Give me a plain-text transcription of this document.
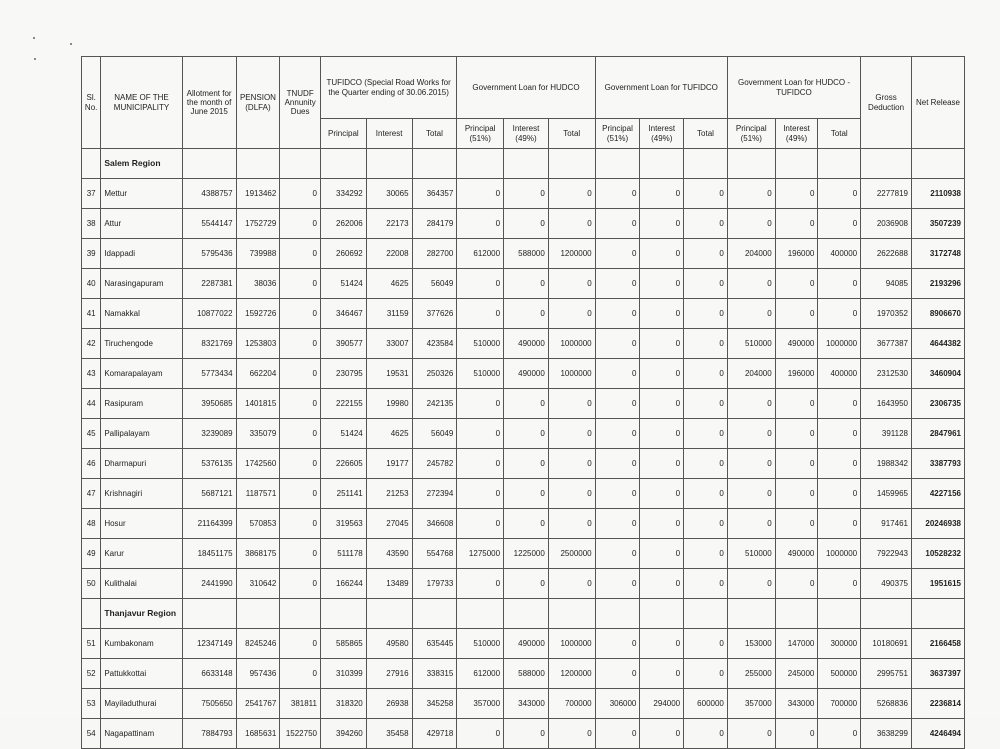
Sl. No.	NAME OF THE MUNICIPALITY	Allotment for the month of June 2015	PENSION (DLFA)	TNUDF Annunity Dues	TUFIDCO (Special Road Works for the Quarter ending of 30.06.2015)			Government Loan for HUDCO			Government Loan for TUFIDCO			Government Loan for HUDCO - TUFIDCO			Gross Deduction	Net Release
					Principal	Interest	Total	Principal (51%)	Interest (49%)	Total	Principal (51%)	Interest (49%)	Total	Principal (51%)	Interest (49%)	Total		
	Salem Region																	
37	Mettur	4388757	1913462	0	334292	30065	364357	0	0	0	0	0	0	0	0	0	2277819	2110938
38	Attur	5544147	1752729	0	262006	22173	284179	0	0	0	0	0	0	0	0	0	2036908	3507239
39	Idappadi	5795436	739988	0	260692	22008	282700	612000	588000	1200000	0	0	0	204000	196000	400000	2622688	3172748
40	Narasingapuram	2287381	38036	0	51424	4625	56049	0	0	0	0	0	0	0	0	0	94085	2193296
41	Namakkal	10877022	1592726	0	346467	31159	377626	0	0	0	0	0	0	0	0	0	1970352	8906670
42	Tiruchengode	8321769	1253803	0	390577	33007	423584	510000	490000	1000000	0	0	0	510000	490000	1000000	3677387	4644382
43	Komarapalayam	5773434	662204	0	230795	19531	250326	510000	490000	1000000	0	0	0	204000	196000	400000	2312530	3460904
44	Rasipuram	3950685	1401815	0	222155	19980	242135	0	0	0	0	0	0	0	0	0	1643950	2306735
45	Pallipalayam	3239089	335079	0	51424	4625	56049	0	0	0	0	0	0	0	0	0	391128	2847961
46	Dharmapuri	5376135	1742560	0	226605	19177	245782	0	0	0	0	0	0	0	0	0	1988342	3387793
47	Krishnagiri	5687121	1187571	0	251141	21253	272394	0	0	0	0	0	0	0	0	0	1459965	4227156
48	Hosur	21164399	570853	0	319563	27045	346608	0	0	0	0	0	0	0	0	0	917461	20246938
49	Karur	18451175	3868175	0	511178	43590	554768	1275000	1225000	2500000	0	0	0	510000	490000	1000000	7922943	10528232
50	Kulithalai	2441990	310642	0	166244	13489	179733	0	0	0	0	0	0	0	0	0	490375	1951615
	Thanjavur Region																	
51	Kumbakonam	12347149	8245246	0	585865	49580	635445	510000	490000	1000000	0	0	0	153000	147000	300000	10180691	2166458
52	Pattukkottai	6633148	957436	0	310399	27916	338315	612000	588000	1200000	0	0	0	255000	245000	500000	2995751	3637397
53	Mayiladuthurai	7505650	2541767	381811	318320	26938	345258	357000	343000	700000	306000	294000	600000	357000	343000	700000	5268836	2236814
54	Nagapattinam	7884793	1685631	1522750	394260	35458	429718	0	0	0	0	0	0	0	0	0	3638299	4246494
